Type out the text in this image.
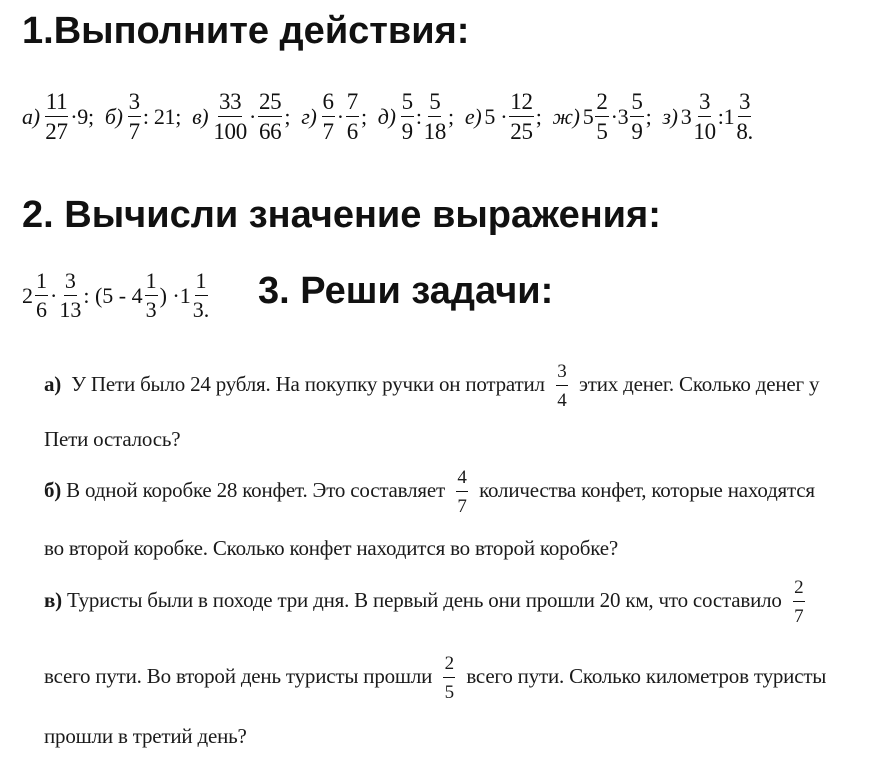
1.Выполните действия:
$а) \frac{11}{27} \cdot 9$; $б) \frac{3}{7}$ : 21; $в) \frac{33}{100} \cdot \frac{25}{66}$ ; $г) \frac{6}{7} \cdot \frac{7}{6}$ ; $д) \frac{5}{9}$ : $\frac{5}{18}$ ; е) $5 \cdot \frac{12}{25}$ ; ж) $5 \frac{2}{5} \cdot 3 \frac{5}{9}$ ; з) $3 \frac{3}{10}$ :1 $\frac{3}{8.}$
2. Вычисли значение выражения:
$2 \frac{1}{6} \cdot \frac{3}{13}$ : ($5 - 4 \frac{1}{3}$ ) $\cdot 1 \frac{1}{3.} 3$. Реши задачи:
а) У Пети было 24 рубля. На покупку ручки он потратил $\frac{3}{4}$ этих денег. Сколько денег у
Пети осталось?
б) В одной коробке 28 конфет. Это составляет $\frac{4}{7}$ количества конфет, которые находятся
во второй коробке. Сколько конфет находится во второй коробке?
в) Туристы были в походе три дня. В первый день они прошли 20 км, что составило $\frac{2}{7}$
всего пути. Во второй день туристы прошли $\frac{2}{5}$ всего пути. Сколько километров туристы
прошли в третий день?
